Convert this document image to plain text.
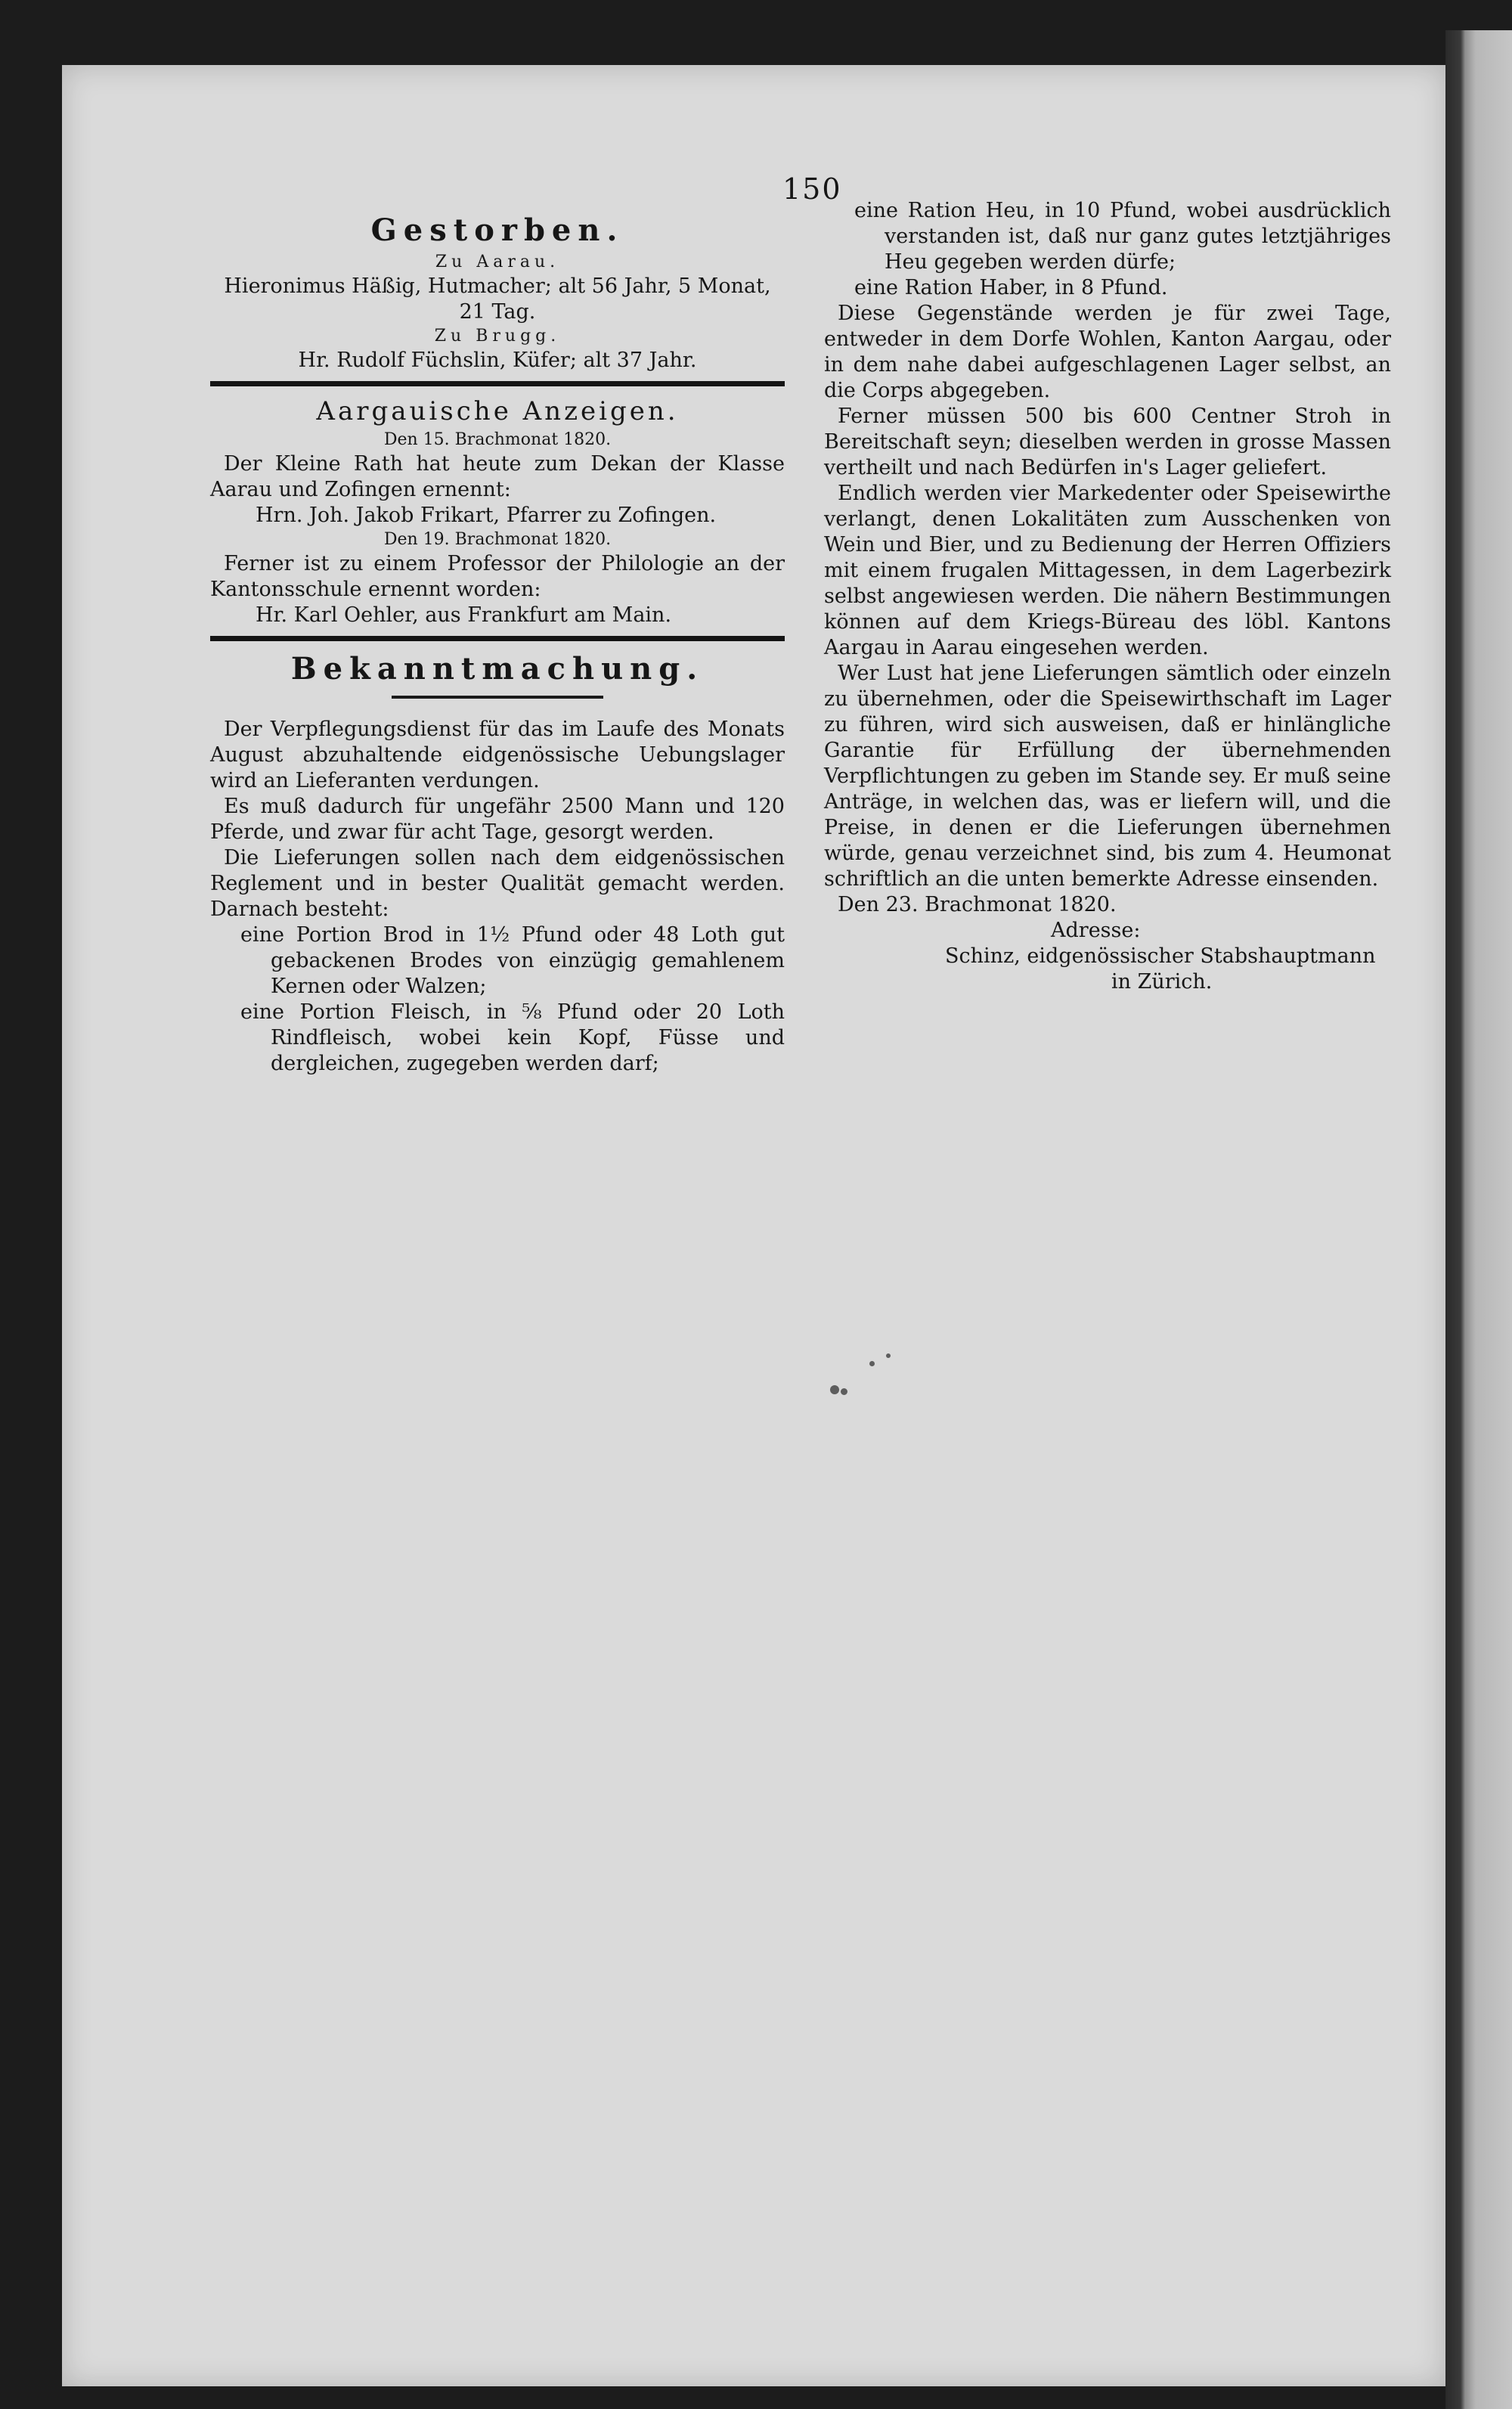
150
Gestorben.
Zu Aarau.
Hieronimus Häßig, Hutmacher; alt 56 Jahr, 5 Monat, 21 Tag.
Zu Brugg.
Hr. Rudolf Füchslin, Küfer; alt 37 Jahr.
Aargauische Anzeigen.
Den 15. Brachmonat 1820.

Der Kleine Rath hat heute zum Dekan der Klasse Aarau und Zofingen ernennt:

Hrn. Joh. Jakob Frikart, Pfarrer zu Zofingen.
Den 19. Brachmonat 1820.

Ferner ist zu einem Professor der Philologie an der Kantonsschule ernennt worden:

Hr. Karl Oehler, aus Frankfurt am Main.
Bekanntmachung.

Der Verpflegungsdienst für das im Laufe des Monats August abzuhaltende eidgenössische Uebungslager wird an Lieferanten verdungen.

Es muß dadurch für ungefähr 2500 Mann und 120 Pferde, und zwar für acht Tage, gesorgt werden.

Die Lieferungen sollen nach dem eidgenössischen Reglement und in bester Qualität gemacht werden. Darnach besteht:

eine Portion Brod in 1½ Pfund oder 48 Loth gut gebackenen Brodes von einzügig gemahlenem Kernen oder Walzen;

eine Portion Fleisch, in ⅝ Pfund oder 20 Loth Rindfleisch, wobei kein Kopf, Füsse und dergleichen, zugegeben werden darf;

eine Ration Heu, in 10 Pfund, wobei ausdrücklich verstanden ist, daß nur ganz gutes letztjähriges Heu gegeben werden dürfe;

eine Ration Haber, in 8 Pfund.

Diese Gegenstände werden je für zwei Tage, entweder in dem Dorfe Wohlen, Kanton Aargau, oder in dem nahe dabei aufgeschlagenen Lager selbst, an die Corps abgegeben.

Ferner müssen 500 bis 600 Centner Stroh in Bereitschaft seyn; dieselben werden in grosse Massen vertheilt und nach Bedürfen in's Lager geliefert.

Endlich werden vier Markedenter oder Speisewirthe verlangt, denen Lokalitäten zum Ausschenken von Wein und Bier, und zu Bedienung der Herren Offiziers mit einem frugalen Mittagessen, in dem Lagerbezirk selbst angewiesen werden. Die nähern Bestimmungen können auf dem Kriegs-Büreau des löbl. Kantons Aargau in Aarau eingesehen werden.

Wer Lust hat jene Lieferungen sämtlich oder einzeln zu übernehmen, oder die Speisewirthschaft im Lager zu führen, wird sich ausweisen, daß er hinlängliche Garantie für Erfüllung der übernehmenden Verpflichtungen zu geben im Stande sey. Er muß seine Anträge, in welchen das, was er liefern will, und die Preise, in denen er die Lieferungen übernehmen würde, genau verzeichnet sind, bis zum 4. Heumonat schriftlich an die unten bemerkte Adresse einsenden.

Den 23. Brachmonat 1820.
Adresse:
Schinz, eidgenössischer Stabshauptmann
in Zürich.
